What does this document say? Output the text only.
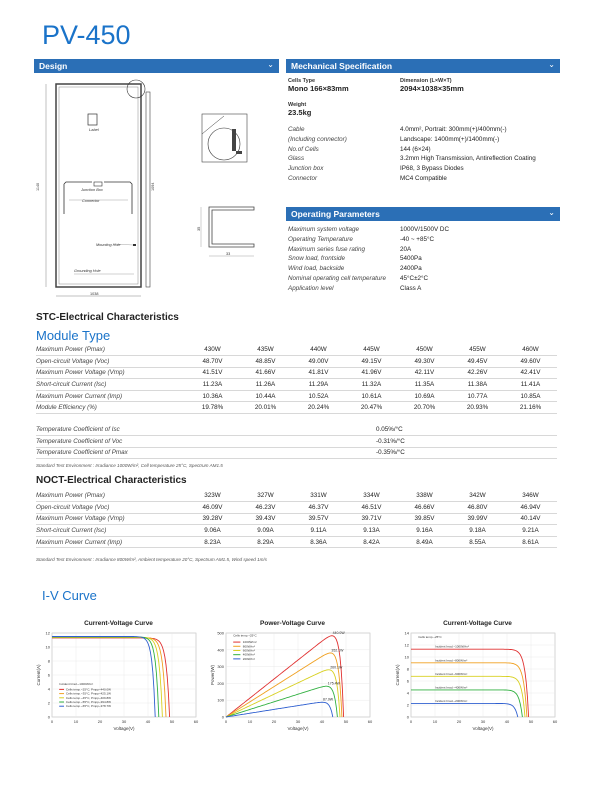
PV-450
Design	⌄
Label
Junction Box
Connector
Mounting Hole
Grounding Hole
1140
1038
1094
35
33
Mechanical Specification	⌄
Cells Type
Mono 166×83mm
Dimension (L×W×T)
2094×1038×35mm
Weight
23.5kg
Cable	4.0mm², Portrait: 300mm(+)/400mm(-)
(Including connector)	Landscape: 1400mm(+)/1400mm(-)
No.of Cells	144 (6×24)
Glass	3.2mm High Transmission, Antireflection Coating
Junction box	IP68, 3 Bypass Diodes
Connector	MC4 Compatible
Operating Parameters	⌄
Maximum system voltage	1000V/1500V DC
Operating Temperature	-40 ~ +85°C
Maximum series fuse rating	20A
Snow load, frontside	5400Pa
Wind load, backside	2400Pa
Nominal operating cell temperature	45°C±2°C
Application level	Class A
STC-Electrical Characteristics
Module Type
Maximum Power (Pmax)	430W	435W	440W	445W	450W	455W	460W
Open-circuit Voltage (Voc)	48.70V	48.85V	49.00V	49.15V	49.30V	49.45V	49.60V
Maximum Power Voltage (Vmp)	41.51V	41.66V	41.81V	41.96V	42.11V	42.26V	42.41V
Short-circuit Current (Isc)	11.23A	11.26A	11.29A	11.32A	11.35A	11.38A	11.41A
Maximum Power Current (Imp)	10.36A	10.44A	10.52A	10.61A	10.69A	10.77A	10.85A
Module Efficiency (%)	19.78%	20.01%	20.24%	20.47%	20.70%	20.93%	21.16%
Temperature Coefficient of Isc		0.05%/°C
Temperature Coefficient of Voc		-0.31%/°C
Temperature Coefficient of Pmax		-0.35%/°C
Standard Test Environment : Irradiance 1000W/m², Cell temperature 25°C, Spectrum AM1.5
NOCT-Electrical Characteristics
Maximum Power (Pmax)	323W	327W	331W	334W	338W	342W	346W
Open-circuit Voltage (Voc)	46.09V	46.23V	46.37V	46.51V	46.66V	46.80V	46.94V
Maximum Power Voltage (Vmp)	39.28V	39.43V	39.57V	39.71V	39.85V	39.99V	40.14V
Short-circuit Current (Isc)	9.06A	9.09A	9.11A	9.13A	9.16A	9.18A	9.21A
Maximum Power Current (Imp)	8.23A	8.29A	8.36A	8.42A	8.49A	8.55A	8.61A
Standard Test Environment : Irradiance 800W/m², Ambient temperature 20°C, Spectrum AM1.5, Wind speed 1m/s
I-V Curve
Current-Voltage Curve
0
2
4
6
8
10
12
0	10	20	30	40	50	60
Voltage(V)
Current(A)	Incident Irrad.~1000W/m²
Cells temp.~25°C, Pmpp~440.0W
Cells temp.~35°C, Pmpp~425.1W
Cells temp.~45°C, Pmpp~409.8W
Cells temp.~55°C, Pmpp~394.8W
Cells temp.~65°C, Pmpp~378.7W
Power-Voltage Curve
0
100
200
300
400
500
0	10	20	30	40	50	60
Voltage(V)
Power(W)
440.0W
352.1W
260.1W
175.4W
87.9W
Cells temp.~25°C
1000W/m²
800W/m²
600W/m²
400W/m²
200W/m²
Current-Voltage Curve
0
2
4
6
8
10
12
14
0	10	20	30	40	50	60
Voltage(V)
Current(A)
Incident Irrad.~1000W/m²
Incident Irrad.~800W/m²
Incident Irrad.~600W/m²
Incident Irrad.~400W/m²
Incident Irrad.~200W/m²
Cells temp.~25°C
